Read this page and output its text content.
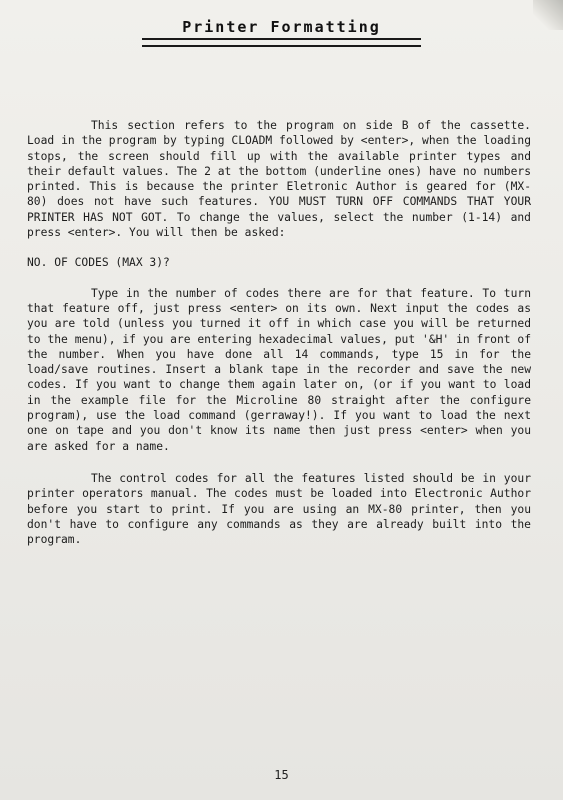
Printer Formatting

This section refers to the program on side B of the cassette. Load in the program by typing CLOADM followed by <enter>, when the loading stops, the screen should fill up with the available printer types and their default values. The 2 at the bottom (underline ones) have no numbers printed. This is because the printer Eletronic Author is geared for (MX-80) does not have such features. YOU MUST TURN OFF COMMANDS THAT YOUR PRINTER HAS NOT GOT. To change the values, select the number (1-14) and press <enter>. You will then be asked:

NO. OF CODES (MAX 3)?

Type in the number of codes there are for that feature. To turn that feature off, just press <enter> on its own. Next input the codes as you are told (unless you turned it off in which case you will be returned to the menu), if you are entering hexadecimal values, put '&H' in front of the number. When you have done all 14 commands, type 15 in for the load/save routines. Insert a blank tape in the recorder and save the new codes. If you want to change them again later on, (or if you want to load in the example file for the Microline 80 straight after the configure program), use the load command (gerraway!). If you want to load the next one on tape and you don't know its name then just press <enter> when you are asked for a name.

The control codes for all the features listed should be in your printer operators manual. The codes must be loaded into Electronic Author before you start to print. If you are using an MX-80 printer, then you don't have to configure any commands as they are already built into the program.

15
